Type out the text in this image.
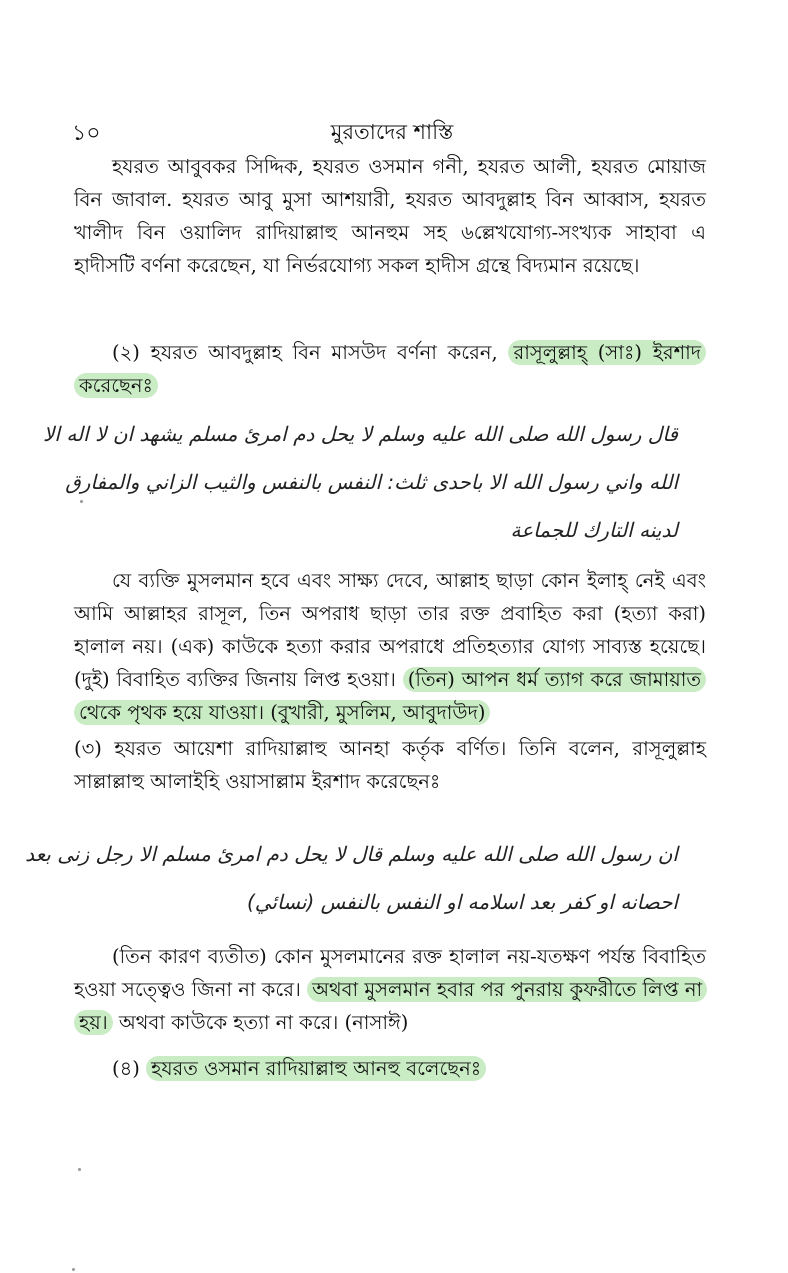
মুরতাদের শাস্তি
১০

হযরত আবুবকর সিদ্দিক, হযরত ওসমান গনী, হযরত আলী, হযরত মোয়াজ বিন জাবাল. হযরত আবু মুসা আশয়ারী, হযরত আবদুল্লাহ বিন আব্বাস, হযরত খালীদ বিন ওয়ালিদ রাদিয়াল্লাহু আনহুম সহ ৬ল্লেখযোগ্য-সংখ্যক সাহাবা এ হাদীসটি বর্ণনা করেছেন, যা নির্ভরযোগ্য সকল হাদীস গ্রন্থে বিদ্যমান রয়েছে।

(২) হযরত আবদুল্লাহ বিন মাসউদ বর্ণনা করেন, রাসূলুল্লাহ্ (সাঃ) ইরশাদ করেছেনঃ

قال رسول الله صلى الله عليه وسلم لا يحل دم امرئ مسلم يشهد ان لا اله الا
الله واني رسول الله الا باحدى ثلث: النفس بالنفس والثيب الزاني والمفارق
لدينه التارك للجماعة

যে ব্যক্তি মুসলমান হবে এবং সাক্ষ্য দেবে, আল্লাহ ছাড়া কোন ইলাহ্ নেই এবং আমি আল্লাহর রাসূল, তিন অপরাধ ছাড়া তার রক্ত প্রবাহিত করা (হত্যা করা) হালাল নয়। (এক) কাউকে হত্যা করার অপরাধে প্রতিহত্যার যোগ্য সাব্যস্ত হয়েছে। (দুই) বিবাহিত ব্যক্তির জিনায় লিপ্ত হওয়া। (তিন) আপন ধর্ম ত্যাগ করে জামায়াত থেকে পৃথক হয়ে যাওয়া। (বুখারী, মুসলিম, আবুদাউদ)

(৩) হযরত আয়েশা রাদিয়াল্লাহু আনহা কর্তৃক বর্ণিত। তিনি বলেন, রাসূলুল্লাহ সাল্লাল্লাহু আলাইহি ওয়াসাল্লাম ইরশাদ করেছেনঃ

ان رسول الله صلى الله عليه وسلم قال لا يحل دم امرئ مسلم الا رجل زنى بعد
احصانه او كفر بعد اسلامه او النفس بالنفس (نسائي)

(তিন কারণ ব্যতীত) কোন মুসলমানের রক্ত হালাল নয়-যতক্ষণ পর্যন্ত বিবাহিত হওয়া সত্ত্বেও জিনা না করে। অথবা মুসলমান হবার পর পুনরায় কুফরীতে লিপ্ত না হয়। অথবা কাউকে হত্যা না করে। (নাসাঈ)

(৪) হযরত ওসমান রাদিয়াল্লাহু আনহু বলেছেনঃ
